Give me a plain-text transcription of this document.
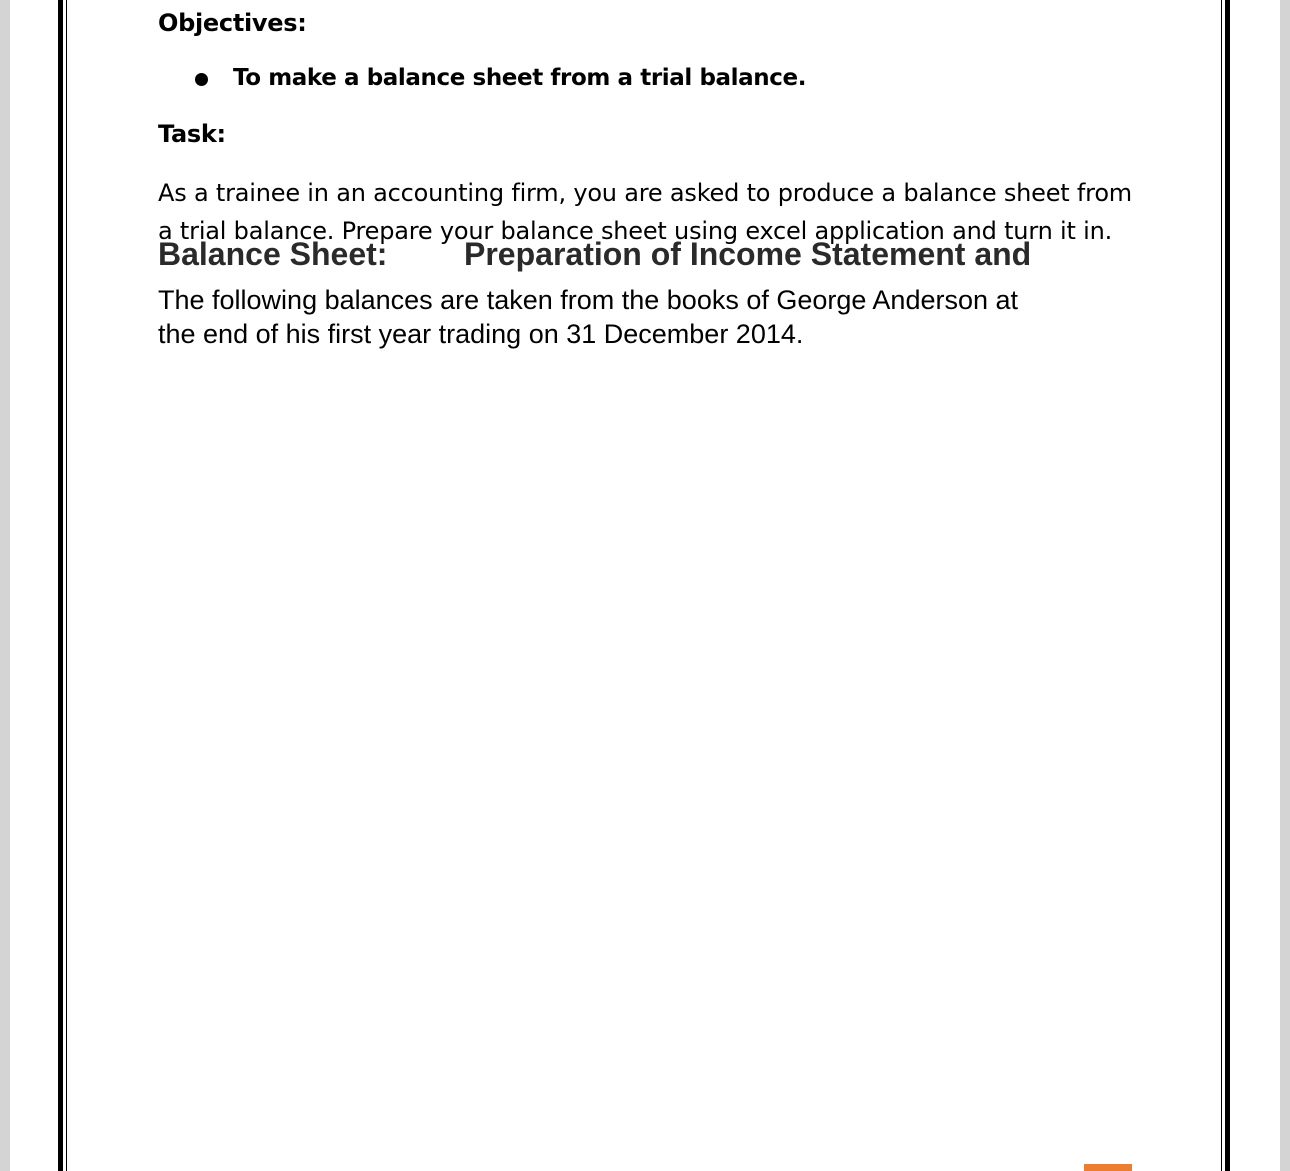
Objectives:
To make a balance sheet from a trial balance.
Task:
As a trainee in an accounting firm, you are asked to produce a balance sheet from
a trial balance. Prepare your balance sheet using excel application and turn it in.
Balance Sheet: Preparation of Income Statement and
The following balances are taken from the books of George Anderson at
the end of his first year trading on 31 December 2014.
